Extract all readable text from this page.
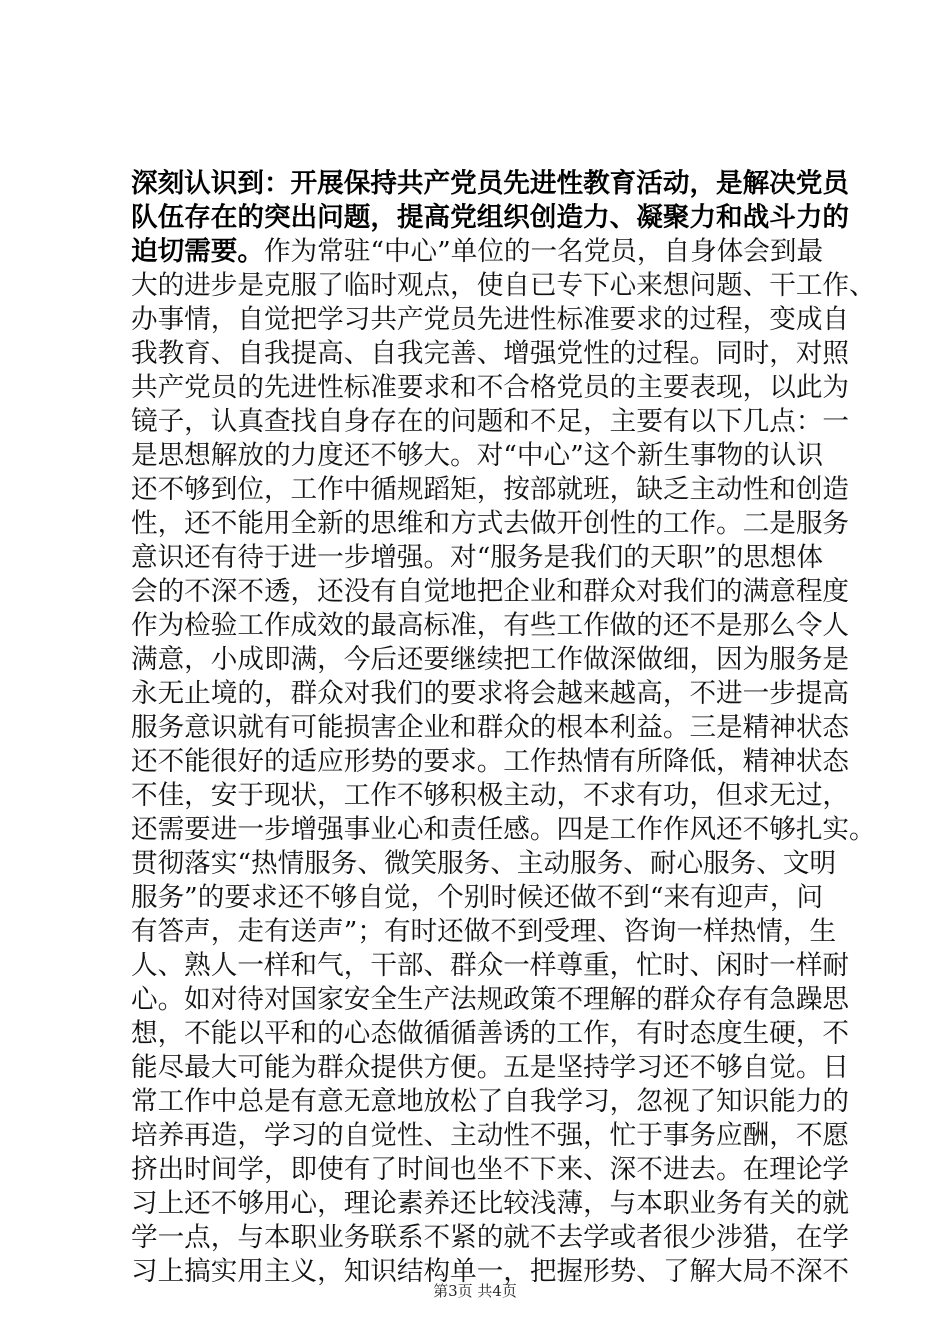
深刻认识到：开展保持共产党员先进性教育活动，是解决党员
队伍存在的突出问题，提高党组织创造力、凝聚力和战斗力的
迫切需要。作为常驻“中心”单位的一名党员，自身体会到最
大的进步是克服了临时观点，使自已专下心来想问题、干工作、
办事情，自觉把学习共产党员先进性标准要求的过程，变成自
我教育、自我提高、自我完善、增强党性的过程。同时，对照
共产党员的先进性标准要求和不合格党员的主要表现，以此为
镜子，认真查找自身存在的问题和不足，主要有以下几点：一
是思想解放的力度还不够大。对“中心”这个新生事物的认识
还不够到位，工作中循规蹈矩，按部就班，缺乏主动性和创造
性，还不能用全新的思维和方式去做开创性的工作。二是服务
意识还有待于进一步增强。对“服务是我们的天职”的思想体
会的不深不透，还没有自觉地把企业和群众对我们的满意程度
作为检验工作成效的最高标准，有些工作做的还不是那么令人
满意，小成即满，今后还要继续把工作做深做细，因为服务是
永无止境的，群众对我们的要求将会越来越高，不进一步提高
服务意识就有可能损害企业和群众的根本利益。三是精神状态
还不能很好的适应形势的要求。工作热情有所降低，精神状态
不佳，安于现状，工作不够积极主动，不求有功，但求无过，
还需要进一步增强事业心和责任感。四是工作作风还不够扎实。
贯彻落实“热情服务、微笑服务、主动服务、耐心服务、文明
服务”的要求还不够自觉，个别时候还做不到“来有迎声，问
有答声，走有送声”；有时还做不到受理、咨询一样热情，生
人、熟人一样和气，干部、群众一样尊重，忙时、闲时一样耐
心。如对待对国家安全生产法规政策不理解的群众存有急躁思
想，不能以平和的心态做循循善诱的工作，有时态度生硬，不
能尽最大可能为群众提供方便。五是坚持学习还不够自觉。日
常工作中总是有意无意地放松了自我学习，忽视了知识能力的
培养再造，学习的自觉性、主动性不强，忙于事务应酬，不愿
挤出时间学，即使有了时间也坐不下来、深不进去。在理论学
习上还不够用心，理论素养还比较浅薄，与本职业务有关的就
学一点，与本职业务联系不紧的就不去学或者很少涉猎，在学
习上搞实用主义，知识结构单一，把握形势、了解大局不深不
第3页 共4页
